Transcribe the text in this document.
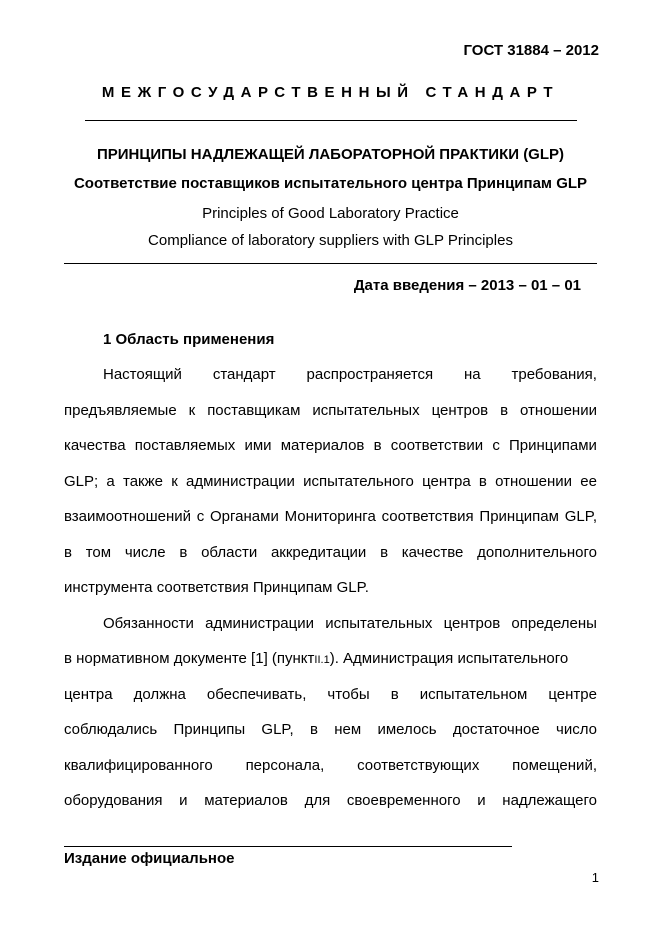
ГОСТ 31884 – 2012
МЕЖГОСУДАРСТВЕННЫЙ СТАНДАРТ
ПРИНЦИПЫ НАДЛЕЖАЩЕЙ ЛАБОРАТОРНОЙ ПРАКТИКИ (GLP)
Соответствие поставщиков испытательного центра Принципам GLP
Principles of Good Laboratory Practice
Compliance of laboratory suppliers with GLP Principles
Дата введения – 2013 – 01 – 01
1 Область применения
Настоящий стандарт распространяется на требования,
предъявляемые к поставщикам испытательных центров в отношении
качества поставляемых ими материалов в соответствии с Принципами
GLP; а также к администрации испытательного центра в отношении ее
взаимоотношений с Органами Мониторинга соответствия Принципам GLP,
в том числе в области аккредитации в качестве дополнительного
инструмента соответствия Принципам GLP.
Обязанности администрации испытательных центров определены
в нормативном документе [1] (пунктII.1). Администрация испытательного
центра должна обеспечивать, чтобы в испытательном центре
соблюдались Принципы GLP, в нем имелось достаточное число
квалифицированного персонала, соответствующих помещений,
оборудования и материалов для своевременного и надлежащего
Издание официальное
1
